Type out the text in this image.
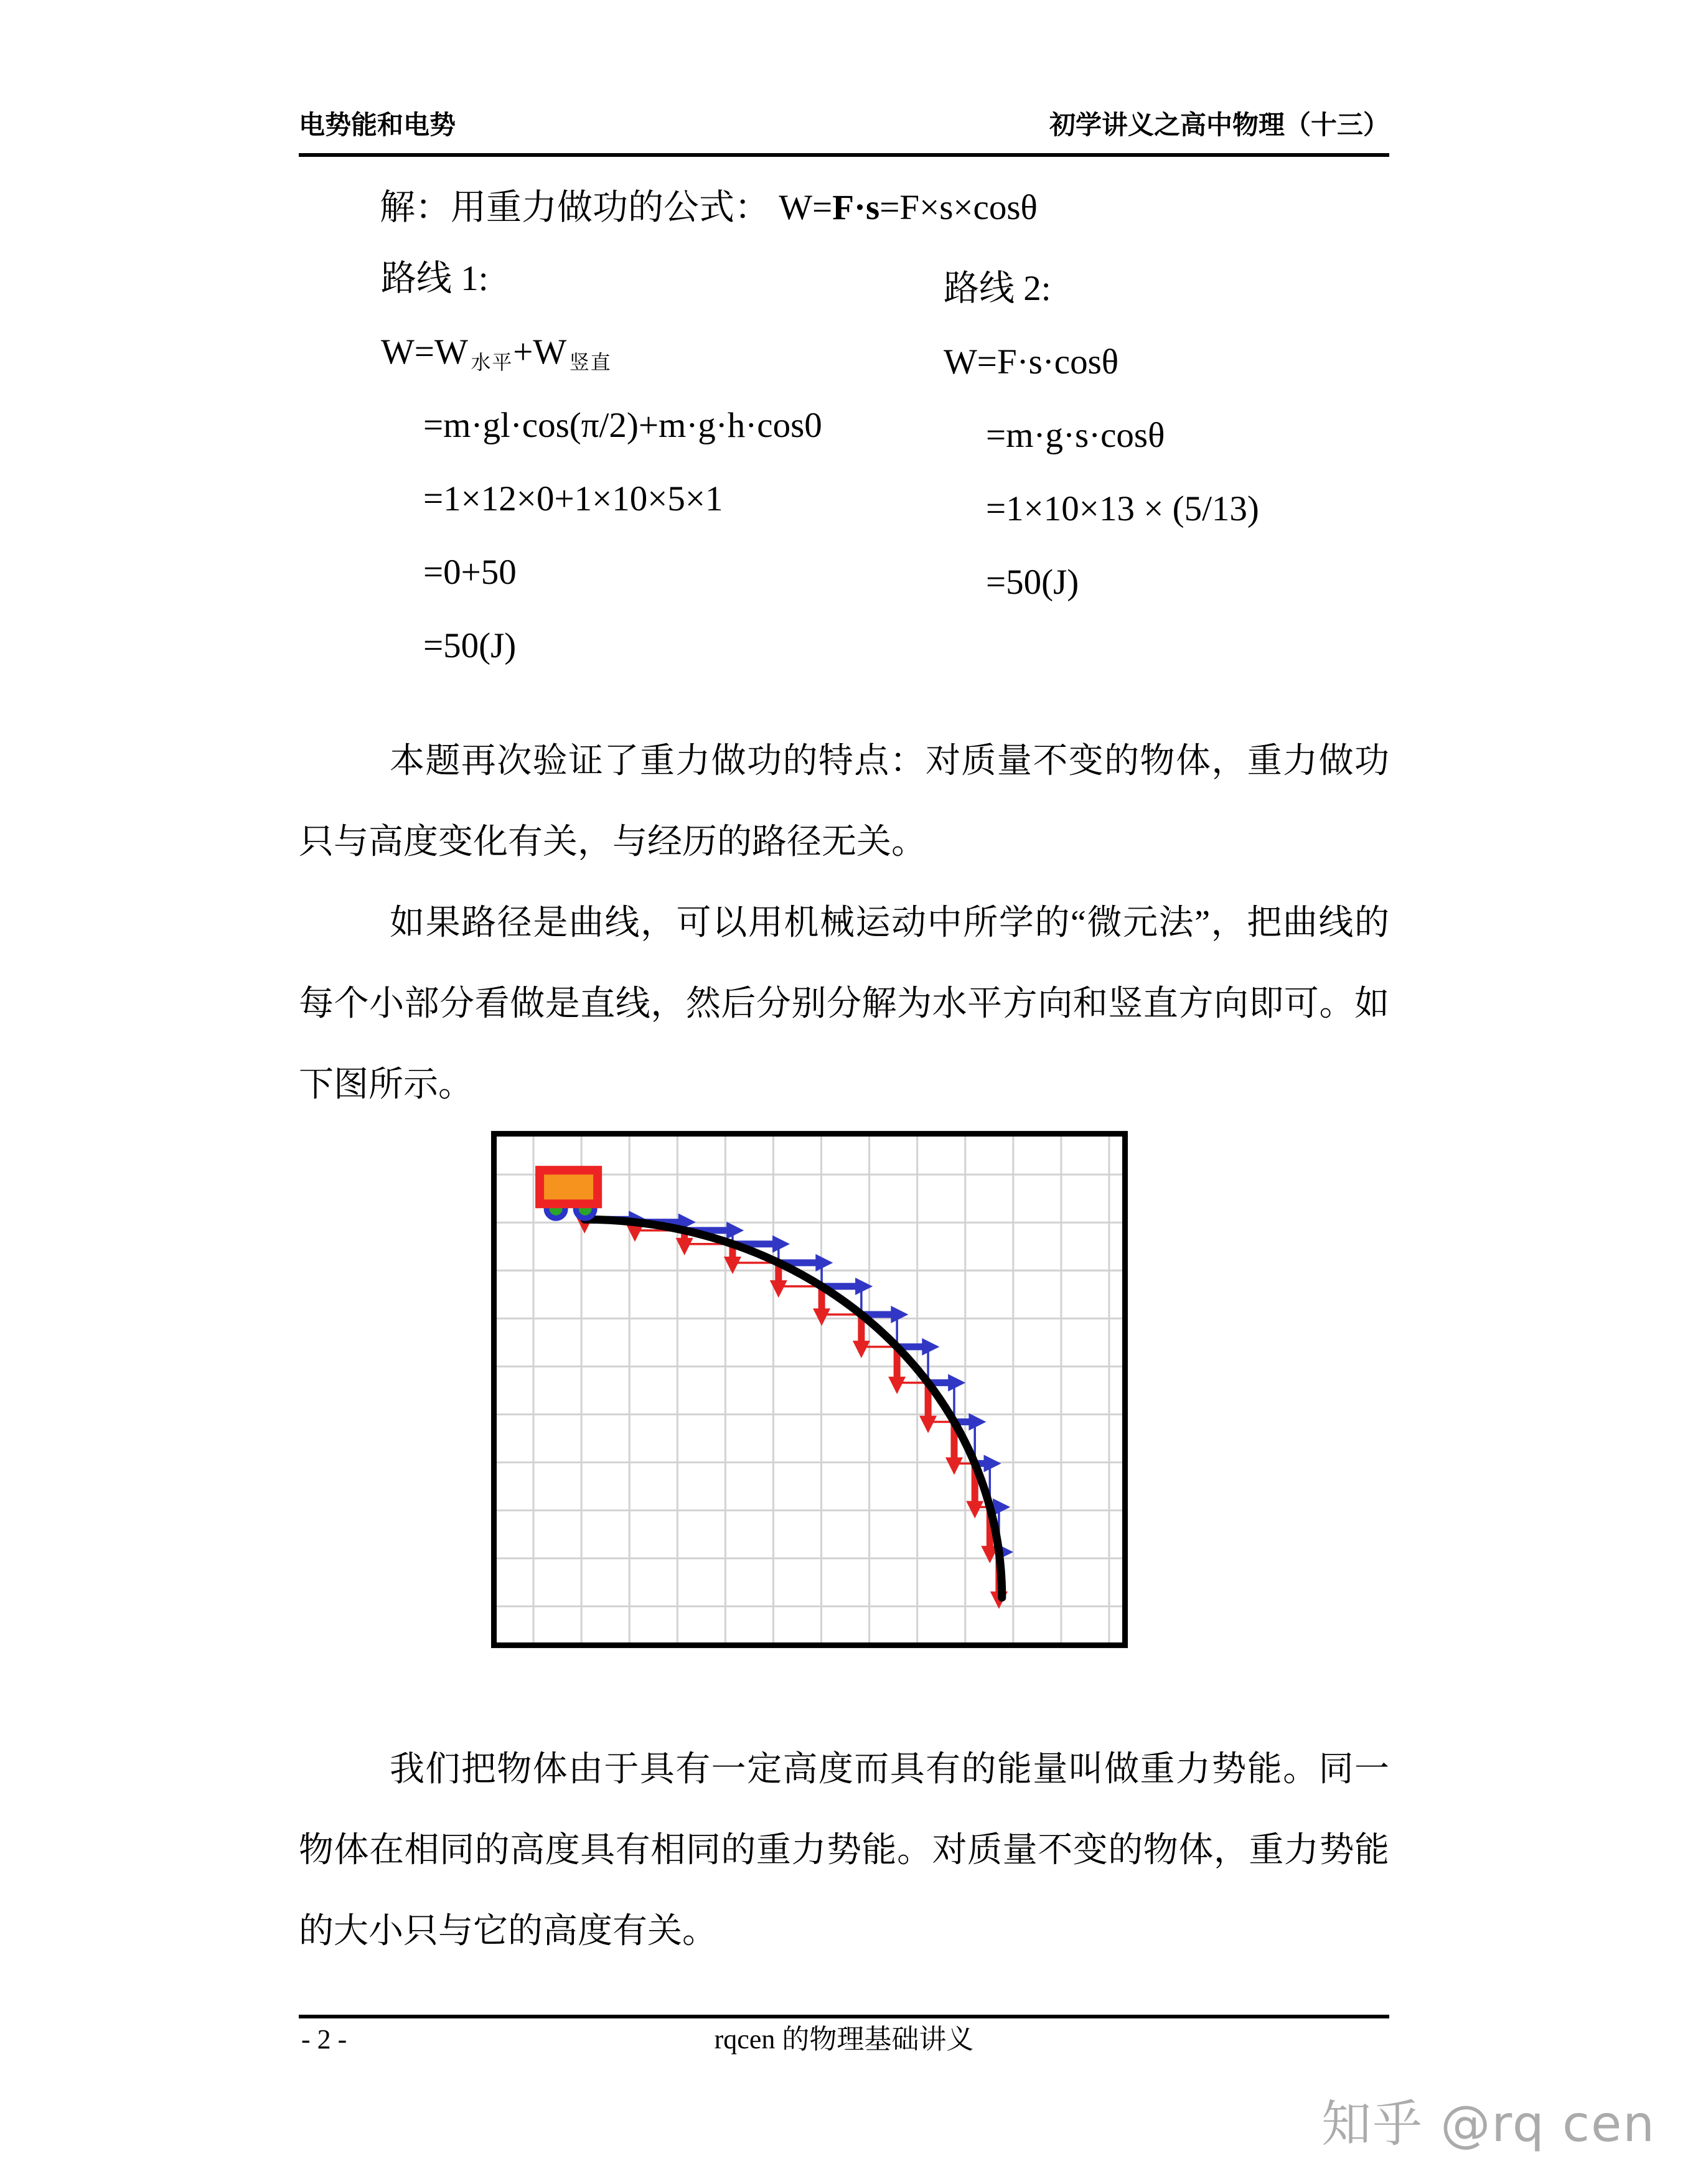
电势能和电势	初学讲义之高中物理（十三）
解：用重力做功的公式： W=F·s=F×s×cosθ
路线 1:
W=W $_{水平}$+W $_{竖直}$
=m·gl·cos(π/2)+m·g·h·cos0
=1×12×0+1×10×5×1
=0+50
=50(J)
路线 2:
W=F·s·cosθ
=m·g·s·cosθ
=1×10×13 × (5/13)
=50(J)

本题再次验证了重力做功的特点：对质量不变的物体，重力做功只与高度变化有关，与经历的路径无关。

如果路径是曲线，可以用机械运动中所学的“微元法”，把曲线的每个小部分看做是直线，然后分别分解为水平方向和竖直方向即可。如下图所示。

我们把物体由于具有一定高度而具有的能量叫做重力势能。同一物体在相同的高度具有相同的重力势能。对质量不变的物体，重力势能的大小只与它的高度有关。

- 2 -	rqcen 的物理基础讲义
知乎 @rq cen
